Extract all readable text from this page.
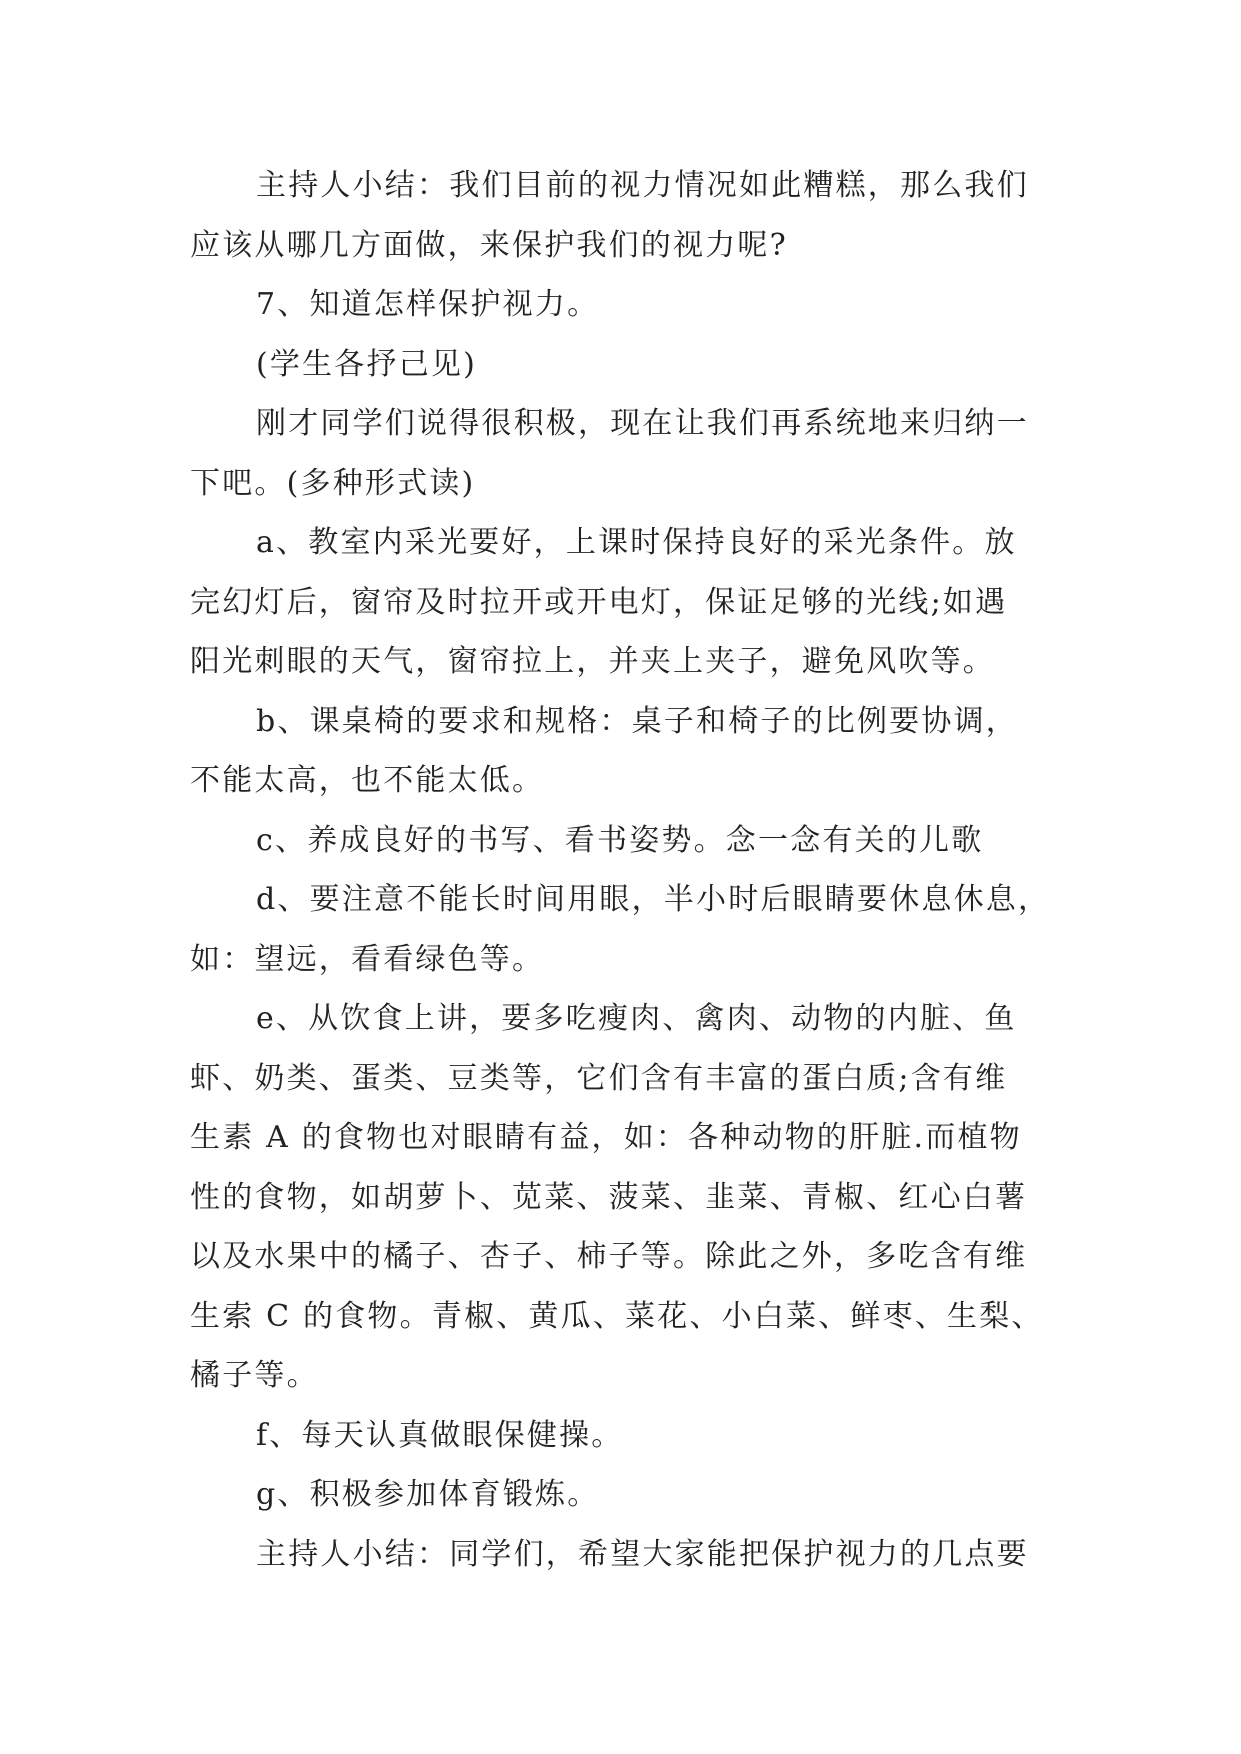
主持人小结：我们目前的视力情况如此糟糕，那么我们
应该从哪几方面做，来保护我们的视力呢?
7、知道怎样保护视力。
(学生各抒己见)
刚才同学们说得很积极，现在让我们再系统地来归纳一
下吧。(多种形式读)
a、教室内采光要好，上课时保持良好的采光条件。放
完幻灯后，窗帘及时拉开或开电灯，保证足够的光线;如遇
阳光刺眼的天气，窗帘拉上，并夹上夹子，避免风吹等。
b、课桌椅的要求和规格：桌子和椅子的比例要协调，
不能太高，也不能太低。
c、养成良好的书写、看书姿势。念一念有关的儿歌
d、要注意不能长时间用眼，半小时后眼睛要休息休息，
如：望远，看看绿色等。
e、从饮食上讲，要多吃瘦肉、禽肉、动物的内脏、鱼
虾、奶类、蛋类、豆类等，它们含有丰富的蛋白质;含有维
生素 A 的食物也对眼睛有益，如：各种动物的肝脏.而植物
性的食物，如胡萝卜、苋菜、菠菜、韭菜、青椒、红心白薯
以及水果中的橘子、杏子、柿子等。除此之外，多吃含有维
生索 C 的食物。青椒、黄瓜、菜花、小白菜、鲜枣、生梨、
橘子等。
f、每天认真做眼保健操。
g、积极参加体育锻炼。
主持人小结：同学们，希望大家能把保护视力的几点要
